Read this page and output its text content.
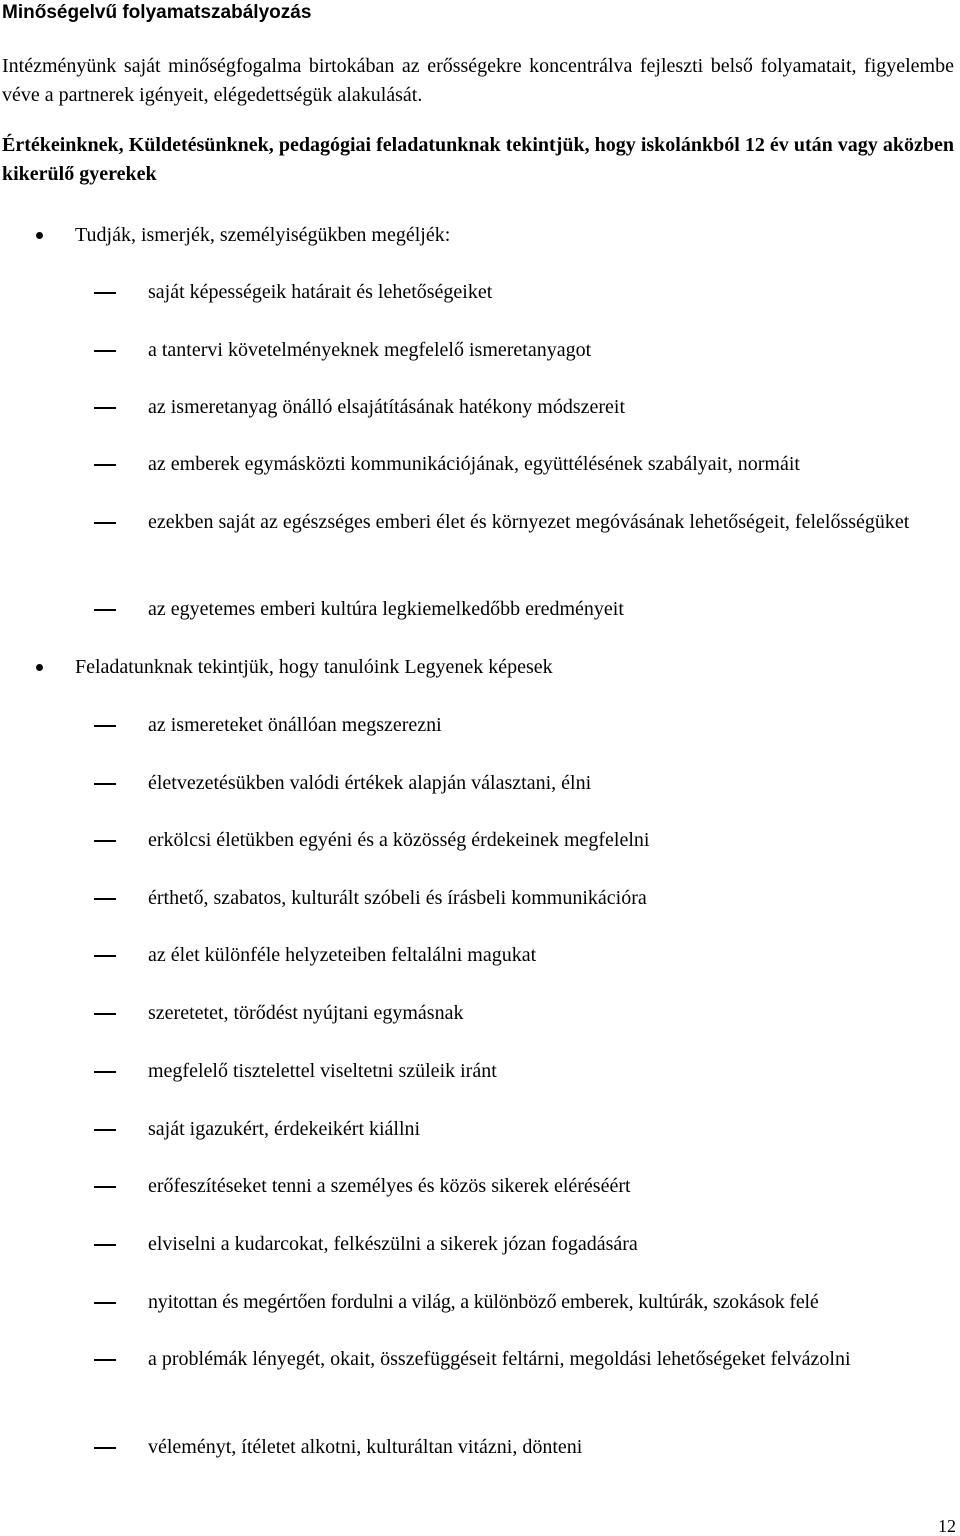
Minőségelvű folyamatszabályozás
Intézményünk saját minőségfogalma birtokában az erősségekre koncentrálva fejleszti belső folyamatait, figyelembe véve a partnerek igényeit, elégedettségük alakulását.
Értékeinknek, Küldetésünknek, pedagógiai feladatunknak tekintjük, hogy iskolánkból 12 év után vagy aközben kikerülő gyerekek
Tudják, ismerjék, személyiségükben megéljék:
saját képességeik határait és lehetőségeiket
a tantervi követelményeknek megfelelő ismeretanyagot
az ismeretanyag önálló elsajátításának hatékony módszereit
az emberek egymásközti kommunikációjának, együttélésének szabályait, normáit
ezekben saját az egészséges emberi élet és környezet megóvásának lehetőségeit, felelősségüket
az egyetemes emberi kultúra legkiemelkedőbb eredményeit
Feladatunknak tekintjük, hogy tanulóink Legyenek képesek
az ismereteket önállóan megszerezni
életvezetésükben valódi értékek alapján választani, élni
erkölcsi életükben egyéni és a közösség érdekeinek megfelelni
érthető, szabatos, kulturált szóbeli és írásbeli kommunikációra
az élet különféle helyzeteiben feltalálni magukat
szeretetet, törődést nyújtani egymásnak
megfelelő tisztelettel viseltetni szüleik iránt
saját igazukért, érdekeikért kiállni
erőfeszítéseket tenni a személyes és közös sikerek eléréséért
elviselni a kudarcokat, felkészülni a sikerek józan fogadására
nyitottan és megértően fordulni a világ, a különböző emberek, kultúrák, szokások felé
a problémák lényegét, okait, összefüggéseit feltárni, megoldási lehetőségeket felvázolni
véleményt, ítéletet alkotni, kulturáltan vitázni, dönteni
12
